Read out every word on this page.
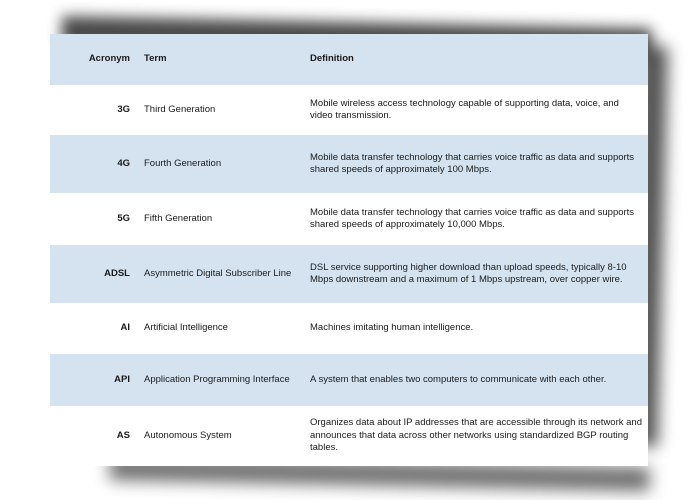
Acronym	Term	Definition
3G	Third Generation	Mobile wireless access technology capable of supporting data, voice, and video transmission.
4G	Fourth Generation	Mobile data transfer technology that carries voice traffic as data and supports shared speeds of approximately 100 Mbps.
5G	Fifth Generation	Mobile data transfer technology that carries voice traffic as data and supports shared speeds of approximately 10,000 Mbps.
ADSL	Asymmetric Digital Subscriber Line	DSL service supporting higher download than upload speeds, typically 8-10 Mbps downstream and a maximum of 1 Mbps upstream, over copper wire.
AI	Artificial Intelligence	Machines imitating human intelligence.
API	Application Programming Interface	A system that enables two computers to communicate with each other.
AS	Autonomous System	Organizes data about IP addresses that are accessible through its network and announces that data across other networks using standardized BGP routing tables.
